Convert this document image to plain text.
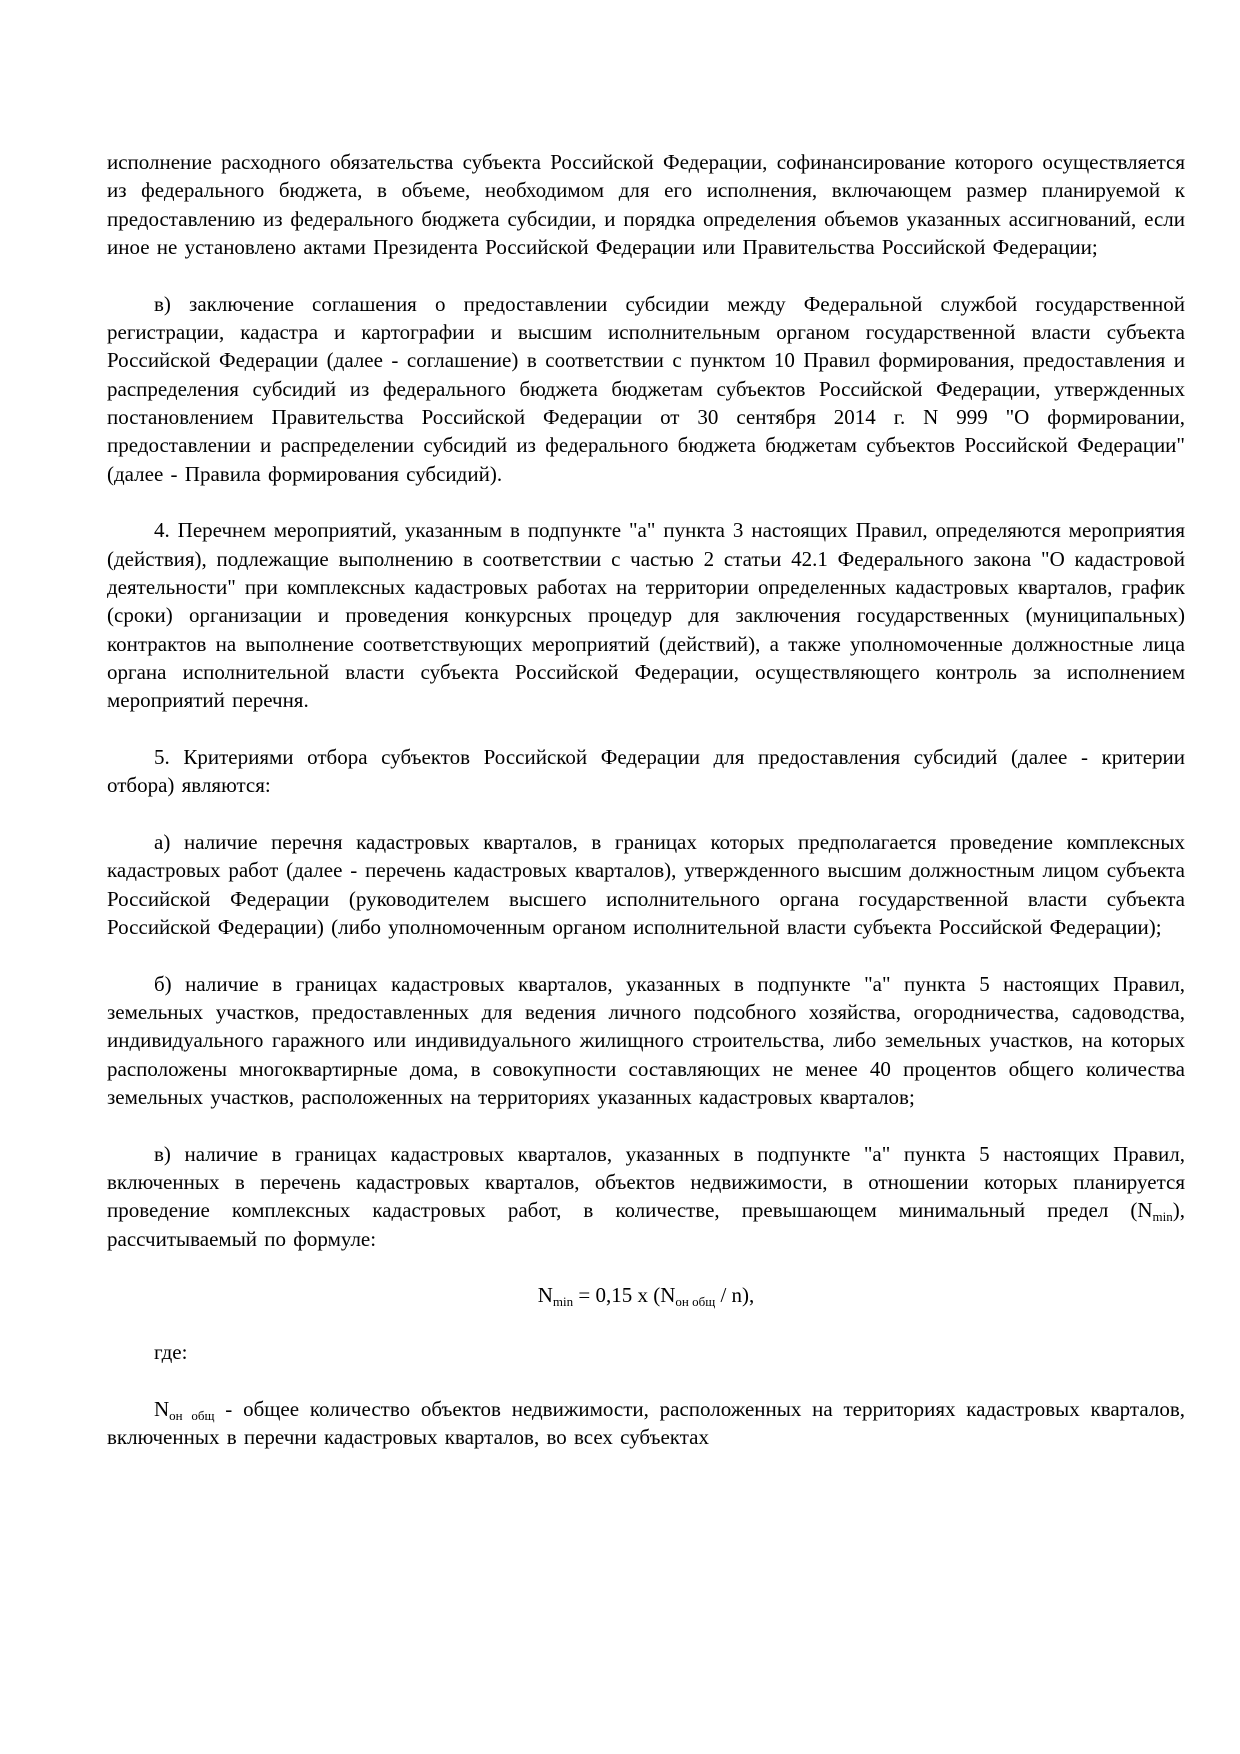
исполнение расходного обязательства субъекта Российской Федерации, софинансирование которого осуществляется из федерального бюджета, в объеме, необходимом для его исполнения, включающем размер планируемой к предоставлению из федерального бюджета субсидии, и порядка определения объемов указанных ассигнований, если иное не установлено актами Президента Российской Федерации или Правительства Российской Федерации;

в) заключение соглашения о предоставлении субсидии между Федеральной службой государственной регистрации, кадастра и картографии и высшим исполнительным органом государственной власти субъекта Российской Федерации (далее - соглашение) в соответствии с пунктом 10 Правил формирования, предоставления и распределения субсидий из федерального бюджета бюджетам субъектов Российской Федерации, утвержденных постановлением Правительства Российской Федерации от 30 сентября 2014 г. N 999 "О формировании, предоставлении и распределении субсидий из федерального бюджета бюджетам субъектов Российской Федерации" (далее - Правила формирования субсидий).

4. Перечнем мероприятий, указанным в подпункте "а" пункта 3 настоящих Правил, определяются мероприятия (действия), подлежащие выполнению в соответствии с частью 2 статьи 42.1 Федерального закона "О кадастровой деятельности" при комплексных кадастровых работах на территории определенных кадастровых кварталов, график (сроки) организации и проведения конкурсных процедур для заключения государственных (муниципальных) контрактов на выполнение соответствующих мероприятий (действий), а также уполномоченные должностные лица органа исполнительной власти субъекта Российской Федерации, осуществляющего контроль за исполнением мероприятий перечня.

5. Критериями отбора субъектов Российской Федерации для предоставления субсидий (далее - критерии отбора) являются:

а) наличие перечня кадастровых кварталов, в границах которых предполагается проведение комплексных кадастровых работ (далее - перечень кадастровых кварталов), утвержденного высшим должностным лицом субъекта Российской Федерации (руководителем высшего исполнительного органа государственной власти субъекта Российской Федерации) (либо уполномоченным органом исполнительной власти субъекта Российской Федерации);

б) наличие в границах кадастровых кварталов, указанных в подпункте "а" пункта 5 настоящих Правил, земельных участков, предоставленных для ведения личного подсобного хозяйства, огородничества, садоводства, индивидуального гаражного или индивидуального жилищного строительства, либо земельных участков, на которых расположены многоквартирные дома, в совокупности составляющих не менее 40 процентов общего количества земельных участков, расположенных на территориях указанных кадастровых кварталов;

в) наличие в границах кадастровых кварталов, указанных в подпункте "а" пункта 5 настоящих Правил, включенных в перечень кадастровых кварталов, объектов недвижимости, в отношении которых планируется проведение комплексных кадастровых работ, в количестве, превышающем минимальный предел $(N_{min})$, рассчитываемый по формуле:

$N_{min} = 0,15$ x $(N_{он общ} / n)$,

где:

$N_{он общ}$ - общее количество объектов недвижимости, расположенных на территориях кадастровых кварталов, включенных в перечни кадастровых кварталов, во всех субъектах
